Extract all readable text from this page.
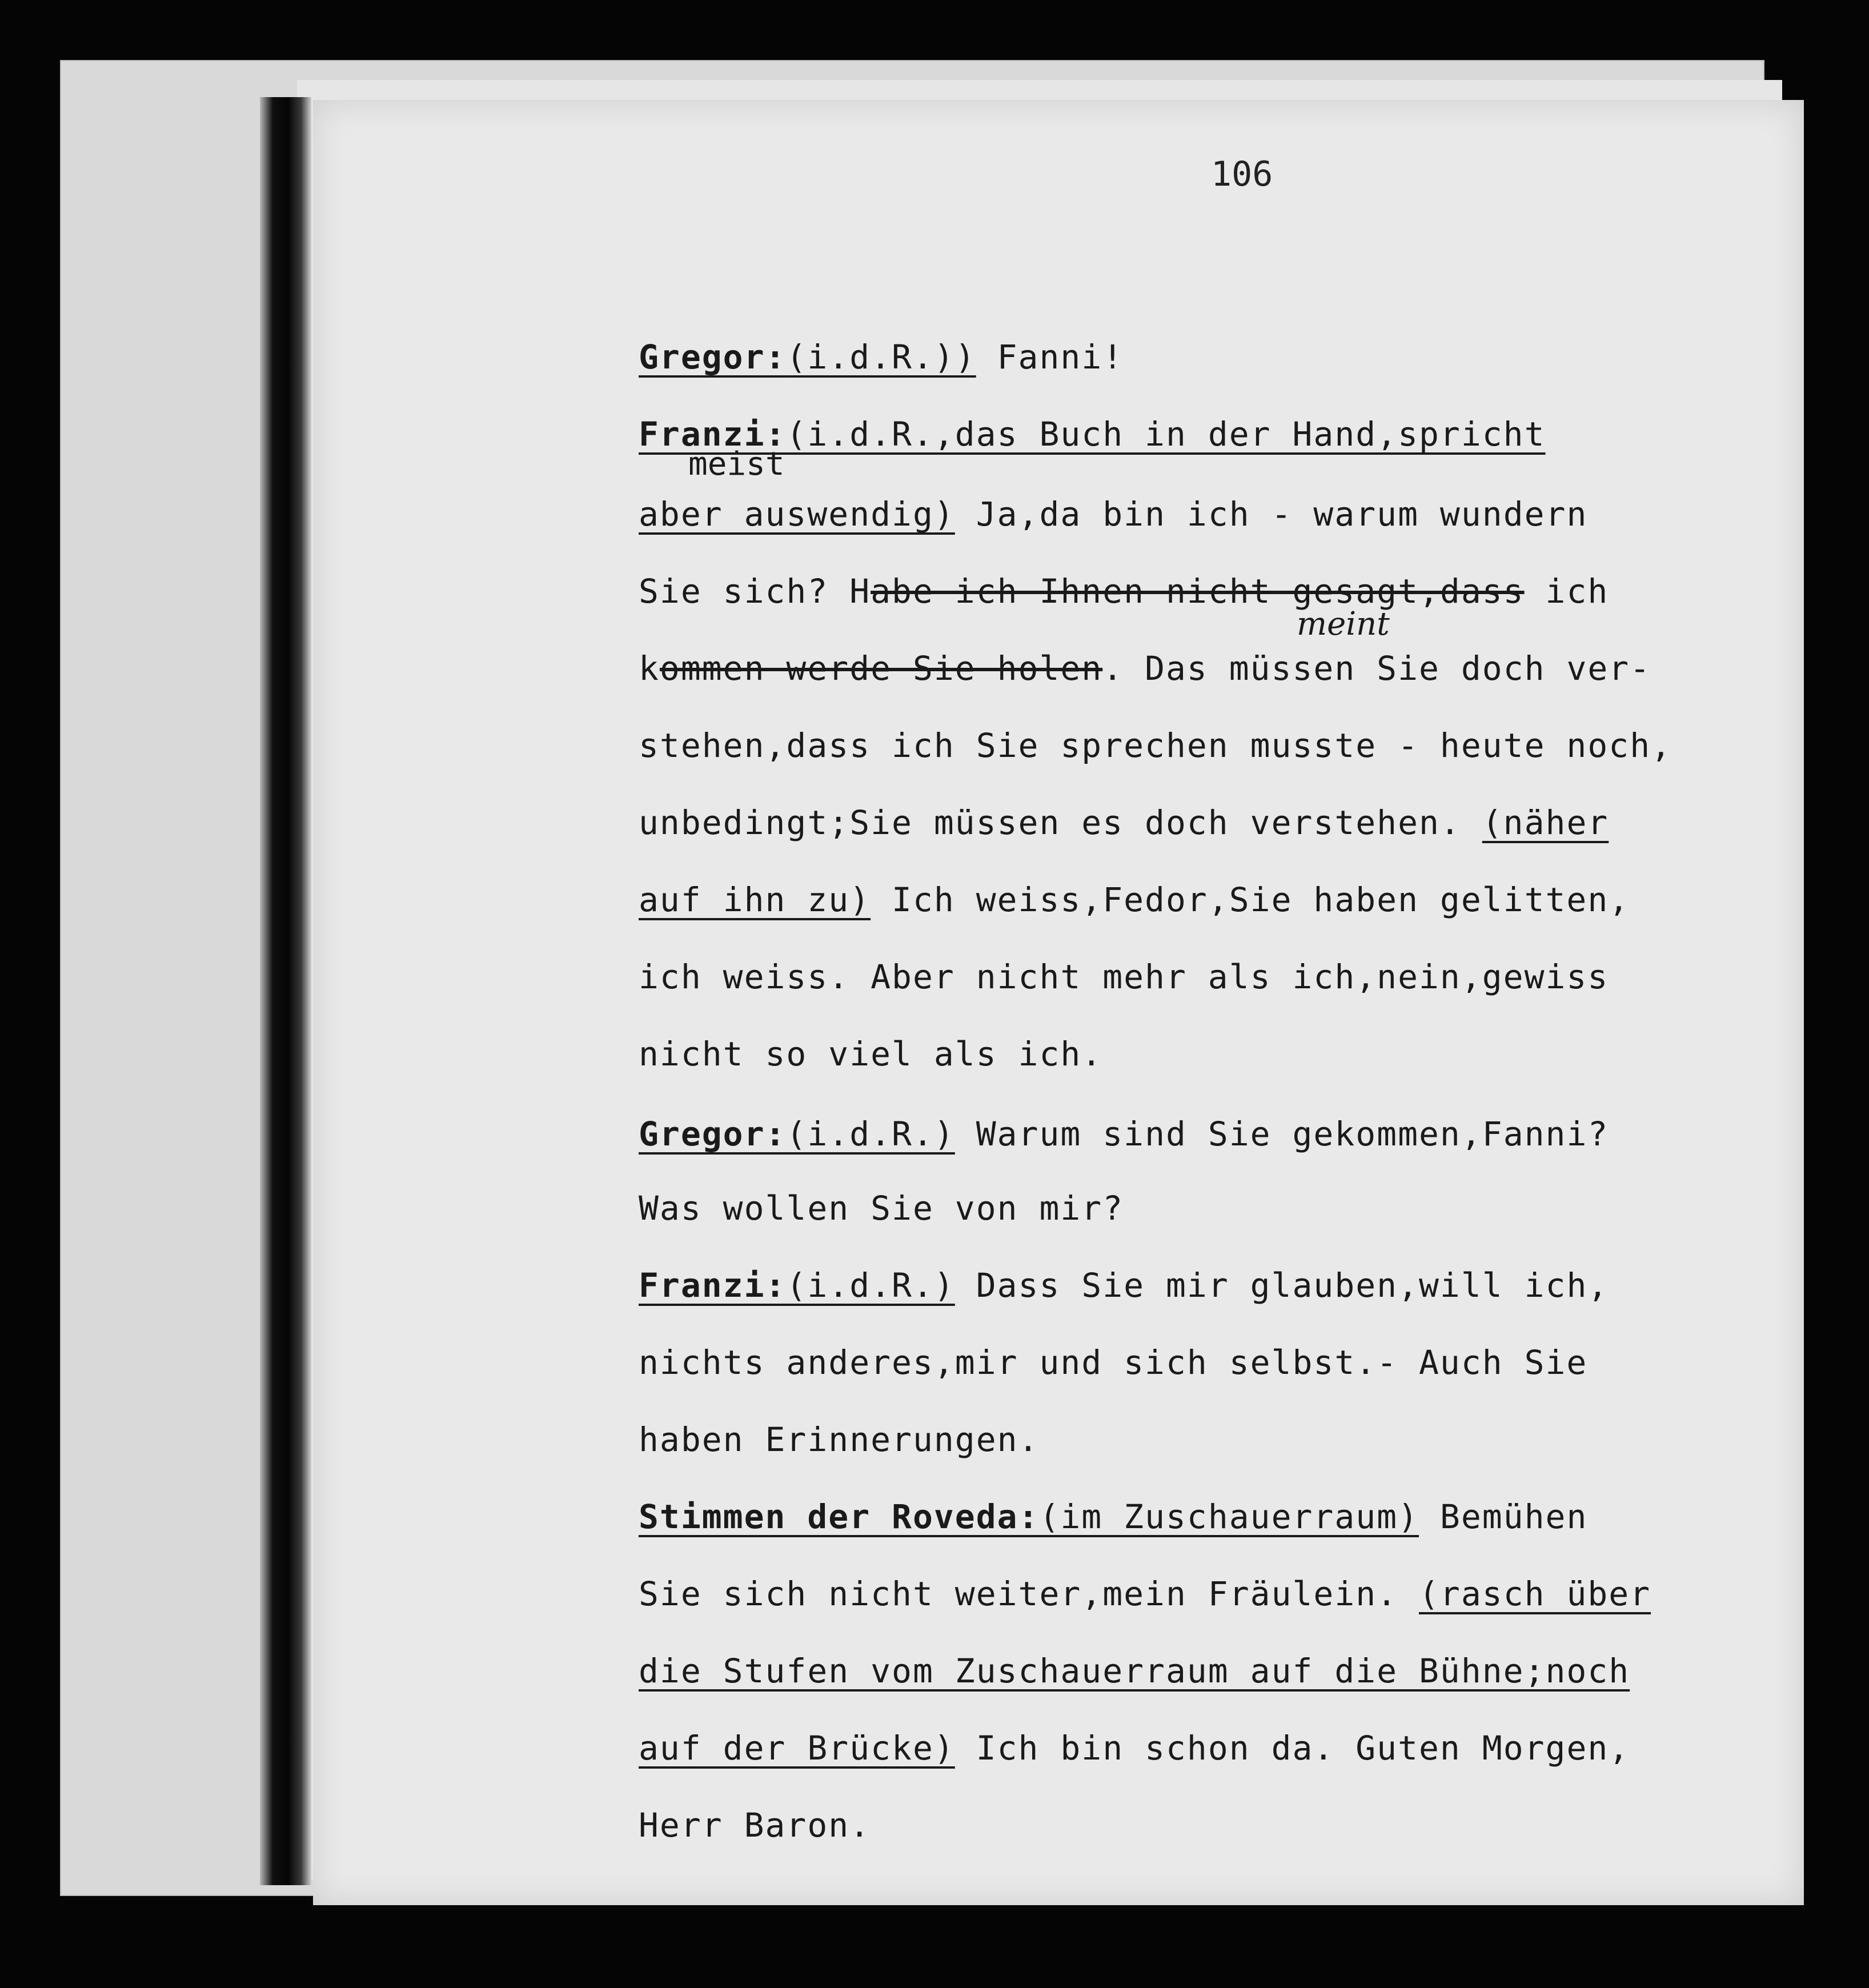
106
meist
meint
Gregor:(i.d.R.)) Fanni!
Franzi:(i.d.R.,das Buch in der Hand,spricht
aber auswendig) Ja,da bin ich - warum wundern
Sie sich? Habe ich Ihnen nicht gesagt,dass ich
kommen werde Sie holen. Das müssen Sie doch ver-
stehen,dass ich Sie sprechen musste - heute noch,
unbedingt;Sie müssen es doch verstehen. (näher
auf ihn zu) Ich weiss,Fedor,Sie haben gelitten,
ich weiss. Aber nicht mehr als ich,nein,gewiss
nicht so viel als ich.
Gregor:(i.d.R.) Warum sind Sie gekommen,Fanni?
Was wollen Sie von mir?
Franzi:(i.d.R.) Dass Sie mir glauben,will ich,
nichts anderes,mir und sich selbst.- Auch Sie
haben Erinnerungen.
Stimmen der Roveda:(im Zuschauerraum) Bemühen
Sie sich nicht weiter,mein Fräulein. (rasch über
die Stufen vom Zuschauerraum auf die Bühne;noch
auf der Brücke) Ich bin schon da. Guten Morgen,
Herr Baron.
